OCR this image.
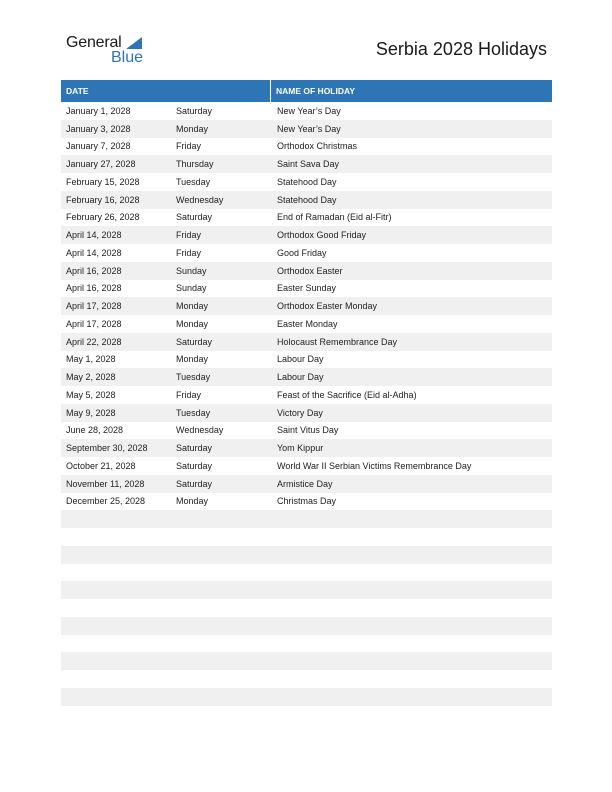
General
Blue	Serbia 2028 Holidays
DATE	NAME OF HOLIDAY
January 1, 2028	Saturday	New Year’s Day
January 3, 2028	Monday	New Year’s Day
January 7, 2028	Friday	Orthodox Christmas
January 27, 2028	Thursday	Saint Sava Day
February 15, 2028	Tuesday	Statehood Day
February 16, 2028	Wednesday	Statehood Day
February 26, 2028	Saturday	End of Ramadan (Eid al-Fitr)
April 14, 2028	Friday	Orthodox Good Friday
April 14, 2028	Friday	Good Friday
April 16, 2028	Sunday	Orthodox Easter
April 16, 2028	Sunday	Easter Sunday
April 17, 2028	Monday	Orthodox Easter Monday
April 17, 2028	Monday	Easter Monday
April 22, 2028	Saturday	Holocaust Remembrance Day
May 1, 2028	Monday	Labour Day
May 2, 2028	Tuesday	Labour Day
May 5, 2028	Friday	Feast of the Sacrifice (Eid al-Adha)
May 9, 2028	Tuesday	Victory Day
June 28, 2028	Wednesday	Saint Vitus Day
September 30, 2028	Saturday	Yom Kippur
October 21, 2028	Saturday	World War II Serbian Victims Remembrance Day
November 11, 2028	Saturday	Armistice Day
December 25, 2028	Monday	Christmas Day
